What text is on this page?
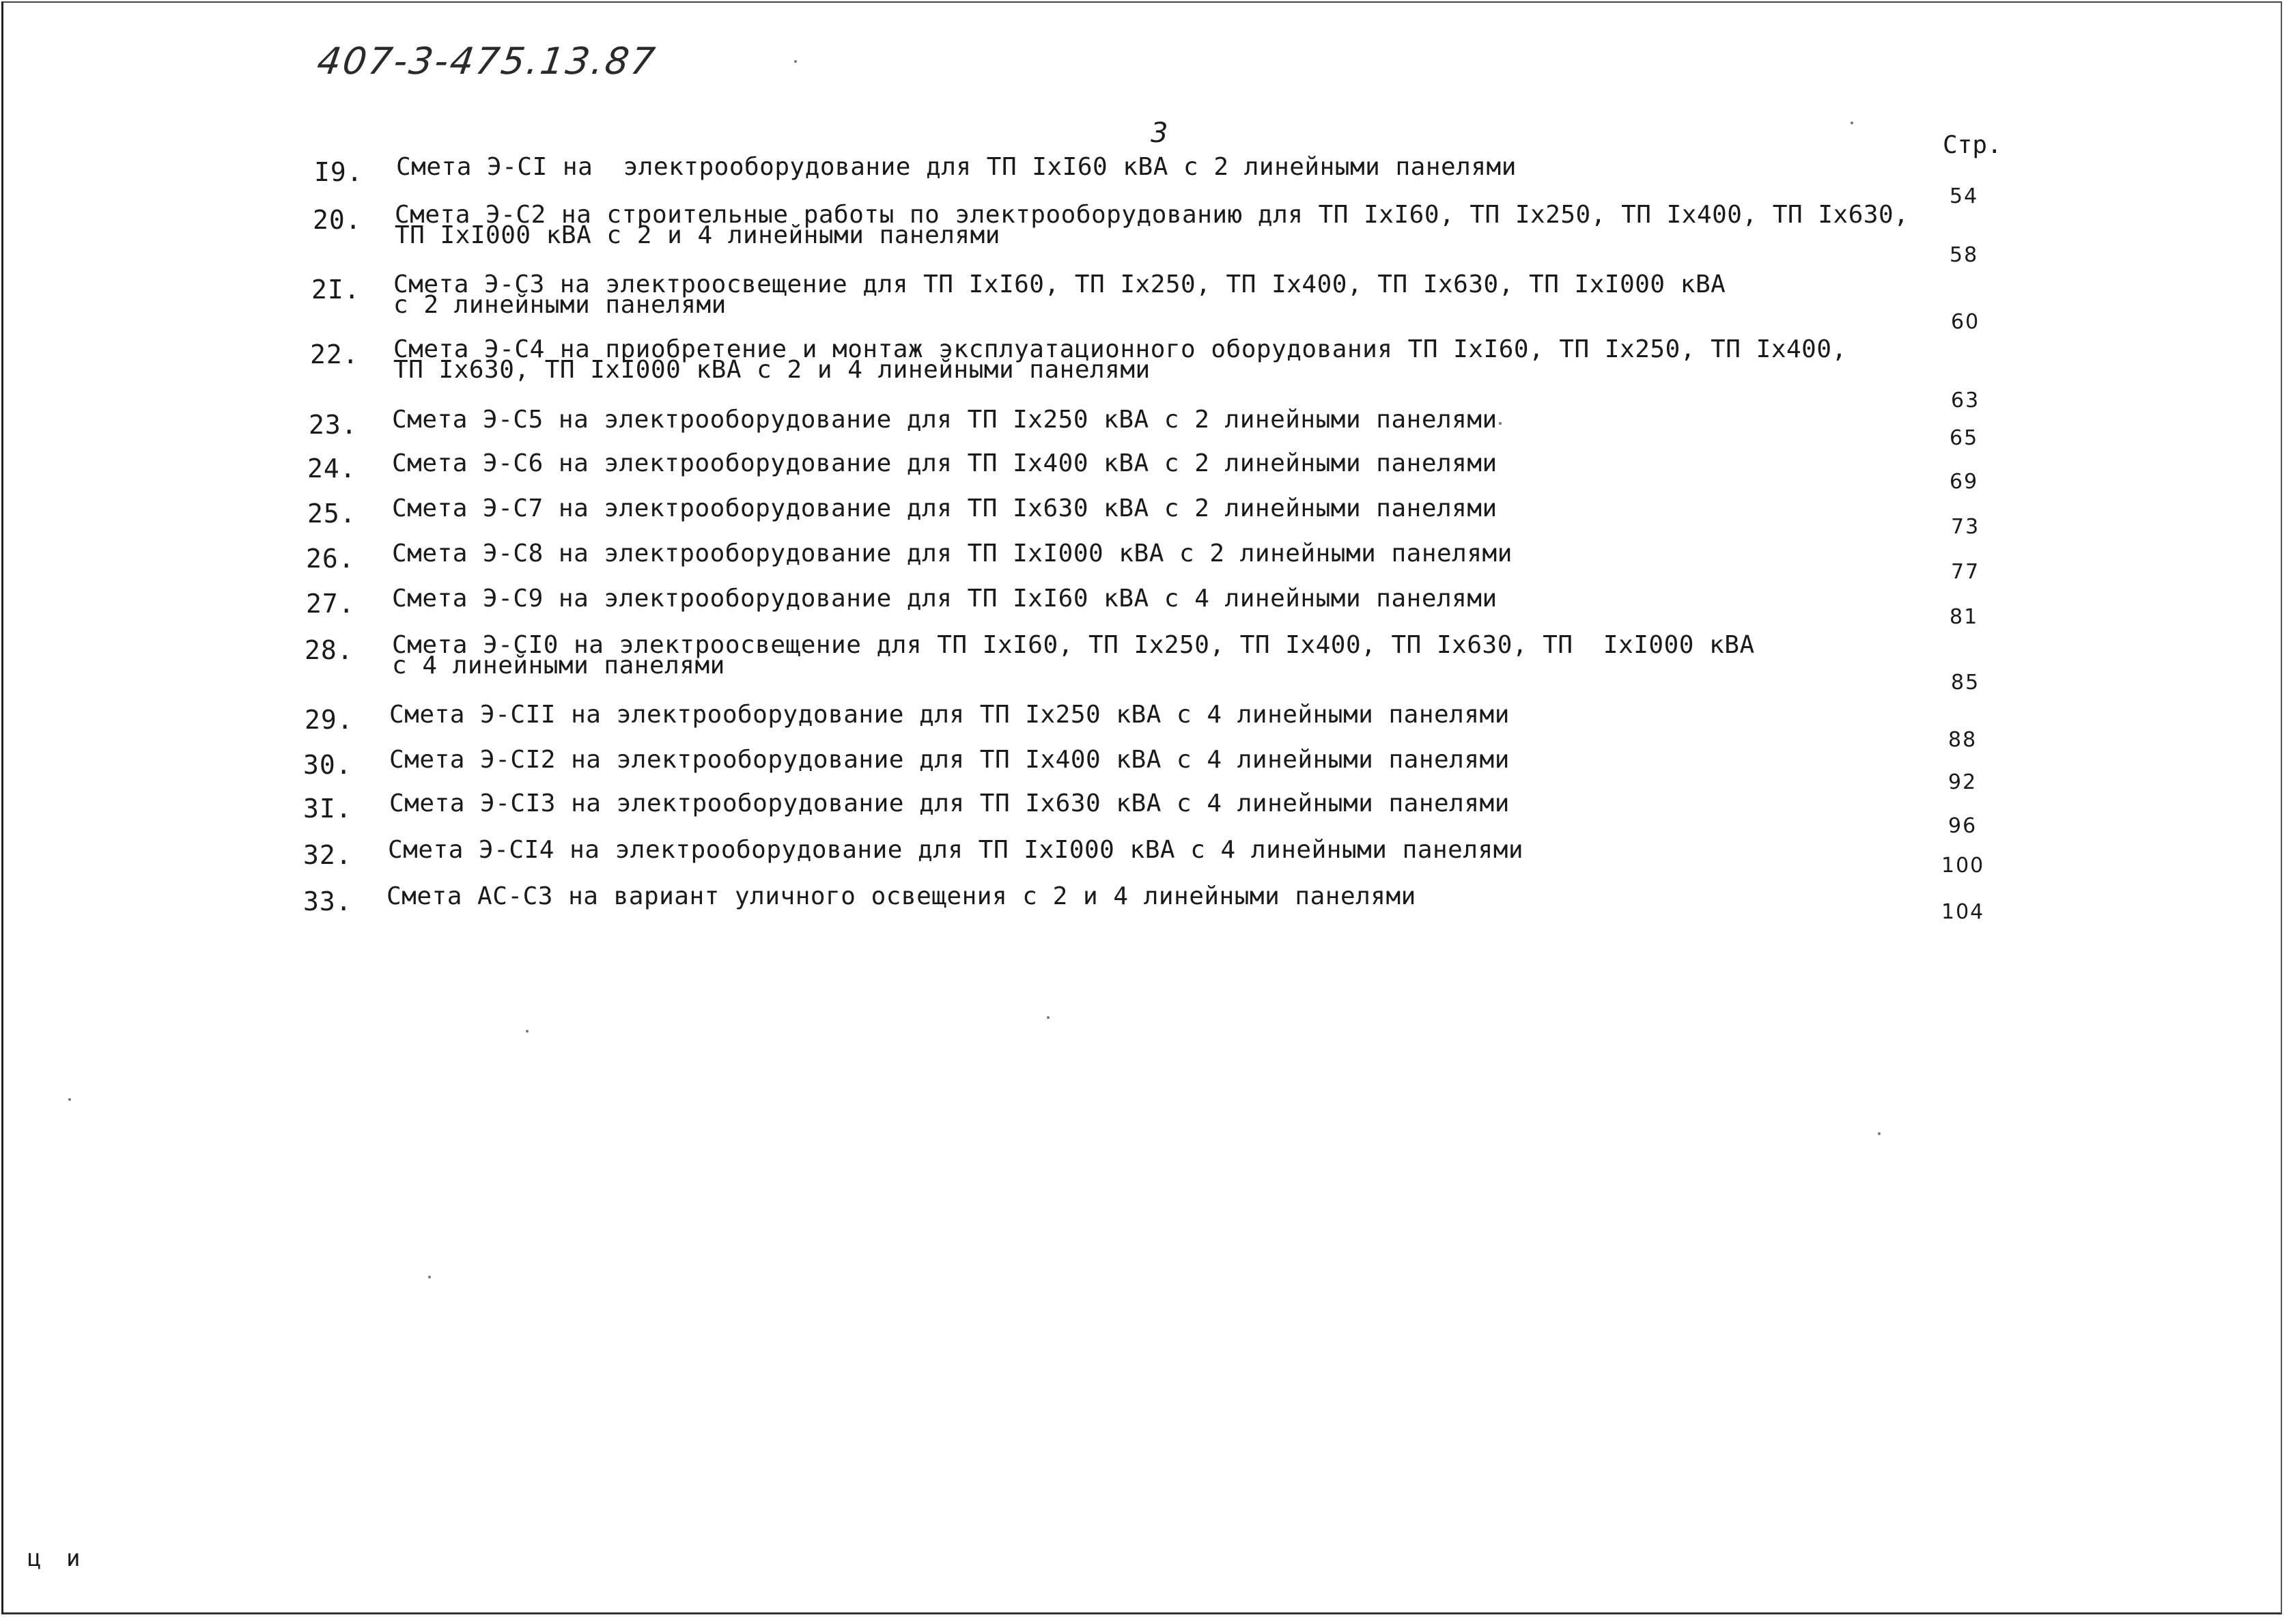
407-3-475.13.87
3	Стр.
I9. Смета Э-СI на  электрооборудование для ТП IхI60 кВА с 2 линейными панелями
54
20. Смета Э-С2 на строительные работы по электрооборудованию для ТП IхI60, ТП Iх250, ТП Iх400, ТП Iх630,
ТП IхI000 кВА с 2 и 4 линейными панелями
58
2I. Смета Э-С3 на электроосвещение для ТП IхI60, ТП Iх250, ТП Iх400, ТП Iх630, ТП IхI000 кВА
с 2 линейными панелями
60
22. Смета Э-С4 на приобретение и монтаж эксплуатационного оборудования ТП IхI60, ТП Iх250, ТП Iх400,
ТП Iх630, ТП IхI000 кВА с 2 и 4 линейными панелями
63
23. Смета Э-С5 на электрооборудование для ТП Iх250 кВА с 2 линейными панелями
65
24. Смета Э-С6 на электрооборудование для ТП Iх400 кВА с 2 линейными панелями
69
25. Смета Э-С7 на электрооборудование для ТП Iх630 кВА с 2 линейными панелями
73
26. Смета Э-С8 на электрооборудование для ТП IхI000 кВА с 2 линейными панелями
77
27. Смета Э-С9 на электрооборудование для ТП IхI60 кВА с 4 линейными панелями
81
28. Смета Э-СI0 на электроосвещение для ТП IхI60, ТП Iх250, ТП Iх400, ТП Iх630, ТП  IхI000 кВА
с 4 линейными панелями
85
29. Смета Э-СII на электрооборудование для ТП Iх250 кВА с 4 линейными панелями
88
30. Смета Э-СI2 на электрооборудование для ТП Iх400 кВА с 4 линейными панелями
92
3I. Смета Э-СI3 на электрооборудование для ТП Iх630 кВА с 4 линейными панелями
96
32. Смета Э-СI4 на электрооборудование для ТП IхI000 кВА с 4 линейными панелями
100
33. Смета АС-С3 на вариант уличного освещения с 2 и 4 линейными панелями
104
ц и
